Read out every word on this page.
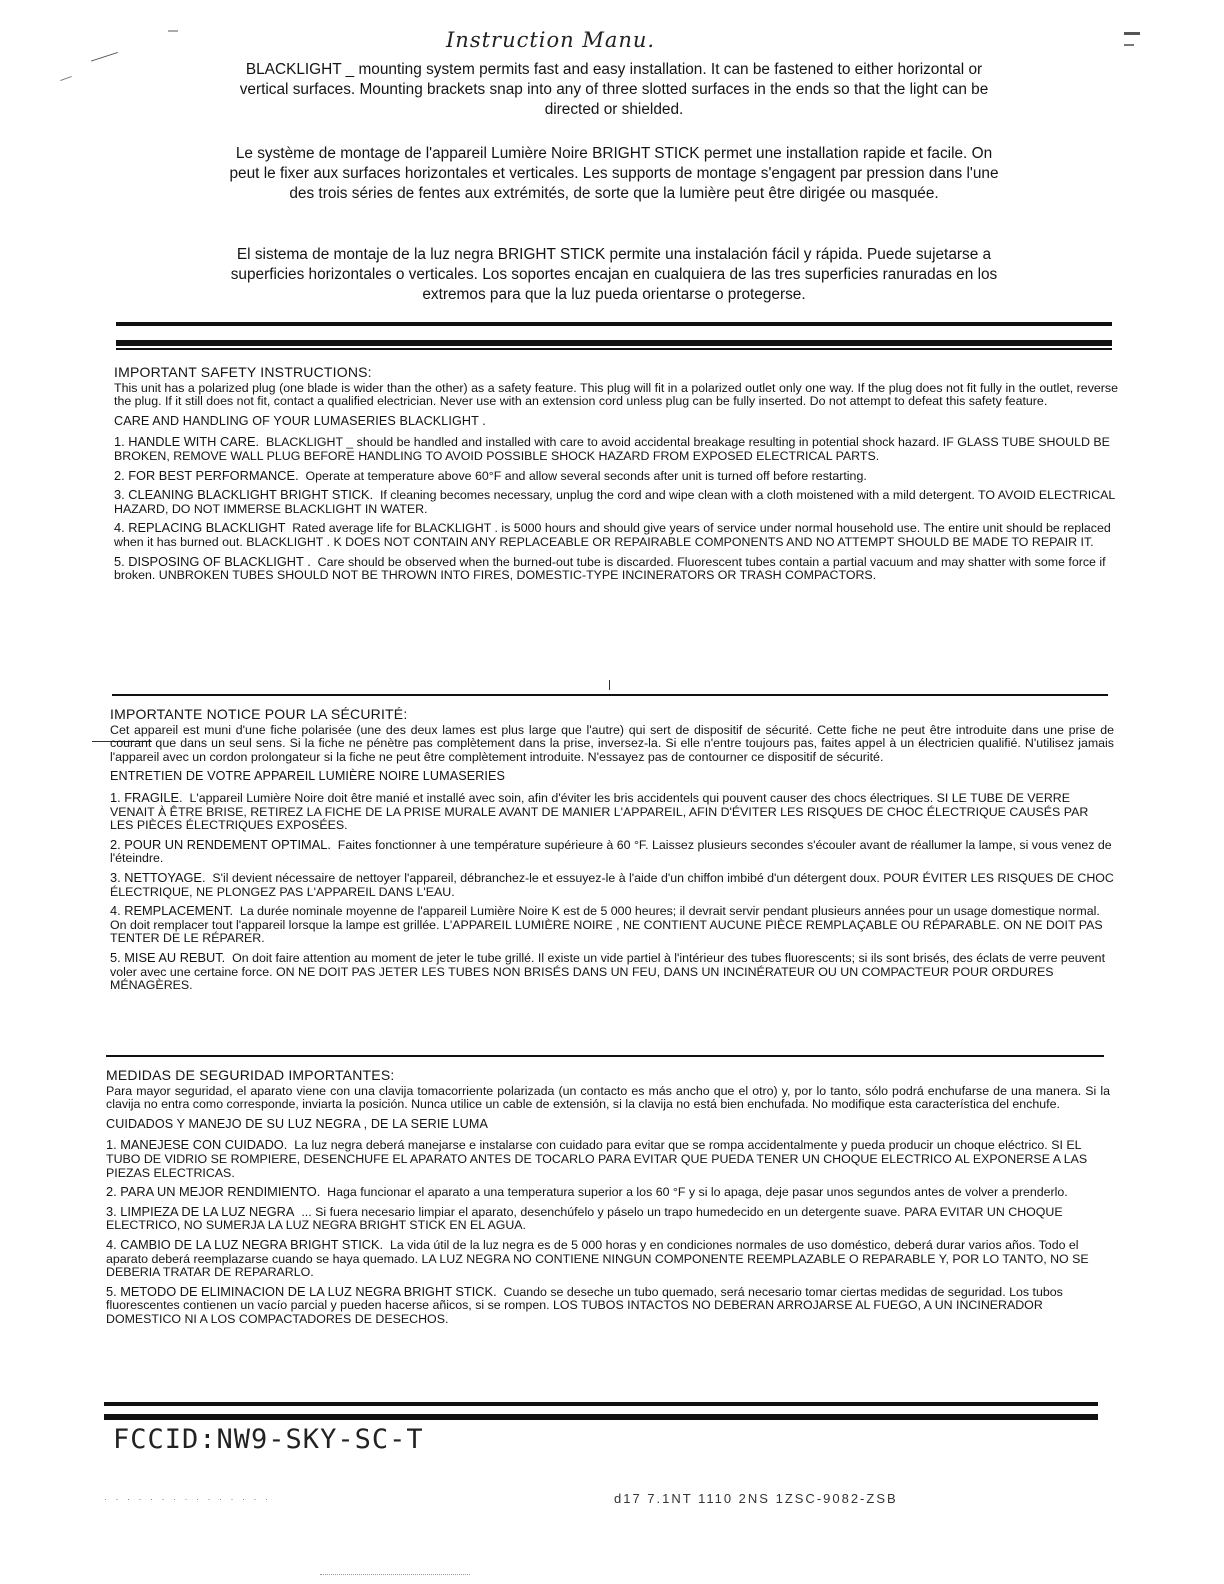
Instruction Manu.
BLACKLIGHT _ mounting system permits fast and easy installation. It can be fastened to either horizontal or vertical surfaces. Mounting brackets snap into any of three slotted surfaces in the ends so that the light can be directed or shielded.
Le système de montage de l'appareil Lumière Noire BRIGHT STICK permet une installation rapide et facile. On peut le fixer aux surfaces horizontales et verticales. Les supports de montage s'engagent par pression dans l'une des trois séries de fentes aux extrémités, de sorte que la lumière peut être dirigée ou masquée.
El sistema de montaje de la luz negra BRIGHT STICK permite una instalación fácil y rápida. Puede sujetarse a superficies horizontales o verticales. Los soportes encajan en cualquiera de las tres superficies ranuradas en los extremos para que la luz pueda orientarse o protegerse.
IMPORTANT SAFETY INSTRUCTIONS:
This unit has a polarized plug (one blade is wider than the other) as a safety feature. This plug will fit in a polarized outlet only one way. If the plug does not fit fully in the outlet, reverse the plug. If it still does not fit, contact a qualified electrician. Never use with an extension cord unless plug can be fully inserted. Do not attempt to defeat this safety feature.
CARE AND HANDLING OF YOUR LUMASERIES BLACKLIGHT .
1. HANDLE WITH CARE. BLACKLIGHT _ should be handled and installed with care to avoid accidental breakage resulting in potential shock hazard. IF GLASS TUBE SHOULD BE BROKEN, REMOVE WALL PLUG BEFORE HANDLING TO AVOID POSSIBLE SHOCK HAZARD FROM EXPOSED ELECTRICAL PARTS.
2. FOR BEST PERFORMANCE. Operate at temperature above 60°F and allow several seconds after unit is turned off before restarting.
3. CLEANING BLACKLIGHT BRIGHT STICK. If cleaning becomes necessary, unplug the cord and wipe clean with a cloth moistened with a mild detergent. TO AVOID ELECTRICAL HAZARD, DO NOT IMMERSE BLACKLIGHT IN WATER.
4. REPLACING BLACKLIGHT Rated average life for BLACKLIGHT . is 5000 hours and should give years of service under normal household use. The entire unit should be replaced when it has burned out. BLACKLIGHT . K DOES NOT CONTAIN ANY REPLACEABLE OR REPAIRABLE COMPONENTS AND NO ATTEMPT SHOULD BE MADE TO REPAIR IT.
5. DISPOSING OF BLACKLIGHT . Care should be observed when the burned-out tube is discarded. Fluorescent tubes contain a partial vacuum and may shatter with some force if broken. UNBROKEN TUBES SHOULD NOT BE THROWN INTO FIRES, DOMESTIC-TYPE INCINERATORS OR TRASH COMPACTORS.
IMPORTANTE NOTICE POUR LA SÉCURITÉ:
Cet appareil est muni d'une fiche polarisée (une des deux lames est plus large que l'autre) qui sert de dispositif de sécurité. Cette fiche ne peut être introduite dans une prise de courant que dans un seul sens. Si la fiche ne pénètre pas complètement dans la prise, inversez-la. Si elle n'entre toujours pas, faites appel à un électricien qualifié. N'utilisez jamais l'appareil avec un cordon prolongateur si la fiche ne peut être complètement introduite. N'essayez pas de contourner ce dispositif de sécurité.
ENTRETIEN DE VOTRE APPAREIL LUMIÈRE NOIRE LUMASERIES
1. FRAGILE. L'appareil Lumière Noire doit être manié et installé avec soin, afin d'éviter les bris accidentels qui pouvent causer des chocs électriques. SI LE TUBE DE VERRE VENAIT À ÊTRE BRISE, RETIREZ LA FICHE DE LA PRISE MURALE AVANT DE MANIER L'APPAREIL, AFIN D'ÉVITER LES RISQUES DE CHOC ÉLECTRIQUE CAUSÉS PAR LES PIÈCES ÉLECTRIQUES EXPOSÉES.
2. POUR UN RENDEMENT OPTIMAL. Faites fonctionner à une température supérieure à 60 °F. Laissez plusieurs secondes s'écouler avant de réallumer la lampe, si vous venez de l'éteindre.
3. NETTOYAGE. S'il devient nécessaire de nettoyer l'appareil, débranchez-le et essuyez-le à l'aide d'un chiffon imbibé d'un détergent doux. POUR ÉVITER LES RISQUES DE CHOC ÉLECTRIQUE, NE PLONGEZ PAS L'APPAREIL DANS L'EAU.
4. REMPLACEMENT. La durée nominale moyenne de l'appareil Lumière Noire K est de 5 000 heures; il devrait servir pendant plusieurs années pour un usage domestique normal. On doit remplacer tout l'appareil lorsque la lampe est grillée. L'APPAREIL LUMIÈRE NOIRE , NE CONTIENT AUCUNE PIÈCE REMPLAÇABLE OU RÉPARABLE. ON NE DOIT PAS TENTER DE LE RÉPARER.
5. MISE AU REBUT. On doit faire attention au moment de jeter le tube grillé. Il existe un vide partiel à l'intérieur des tubes fluorescents; si ils sont brisés, des éclats de verre peuvent voler avec une certaine force. ON NE DOIT PAS JETER LES TUBES NON BRISÉS DANS UN FEU, DANS UN INCINÉRATEUR OU UN COMPACTEUR POUR ORDURES MÉNAGÈRES.
MEDIDAS DE SEGURIDAD IMPORTANTES:
Para mayor seguridad, el aparato viene con una clavija tomacorriente polarizada (un contacto es más ancho que el otro) y, por lo tanto, sólo podrá enchufarse de una manera. Si la clavija no entra como corresponde, inviarta la posición. Nunca utilice un cable de extensión, si la clavija no está bien enchufada. No modifique esta característica del enchufe.
CUIDADOS Y MANEJO DE SU LUZ NEGRA , DE LA SERIE LUMA
1. MANEJESE CON CUIDADO. La luz negra deberá manejarse e instalarse con cuidado para evitar que se rompa accidentalmente y pueda producir un choque eléctrico. SI EL TUBO DE VIDRIO SE ROMPIERE, DESENCHUFE EL APARATO ANTES DE TOCARLO PARA EVITAR QUE PUEDA TENER UN CHOQUE ELECTRICO AL EXPONERSE A LAS PIEZAS ELECTRICAS.
2. PARA UN MEJOR RENDIMIENTO. Haga funcionar el aparato a una temperatura superior a los 60 °F y si lo apaga, deje pasar unos segundos antes de volver a prenderlo.
3. LIMPIEZA DE LA LUZ NEGRA ... Si fuera necesario limpiar el aparato, desenchúfelo y páselo un trapo humedecido en un detergente suave. PARA EVITAR UN CHOQUE ELECTRICO, NO SUMERJA LA LUZ NEGRA BRIGHT STICK EN EL AGUA.
4. CAMBIO DE LA LUZ NEGRA BRIGHT STICK. La vida útil de la luz negra es de 5 000 horas y en condiciones normales de uso doméstico, deberá durar varios años. Todo el aparato deberá reemplazarse cuando se haya quemado. LA LUZ NEGRA NO CONTIENE NINGUN COMPONENTE REEMPLAZABLE O REPARABLE Y, POR LO TANTO, NO SE DEBERIA TRATAR DE REPARARLO.
5. METODO DE ELIMINACION DE LA LUZ NEGRA BRIGHT STICK. Cuando se deseche un tubo quemado, será necesario tomar ciertas medidas de seguridad. Los tubos fluorescentes contienen un vacío parcial y pueden hacerse añicos, si se rompen. LOS TUBOS INTACTOS NO DEBERAN ARROJARSE AL FUEGO, A UN INCINERADOR DOMESTICO NI A LOS COMPACTADORES DE DESECHOS.
FCCID:NW9-SKY-SC-T
· · · · · · · · · · · · · · ·	d17 7.1NT 1110 2NS 1ZSC-9082-ZSB
